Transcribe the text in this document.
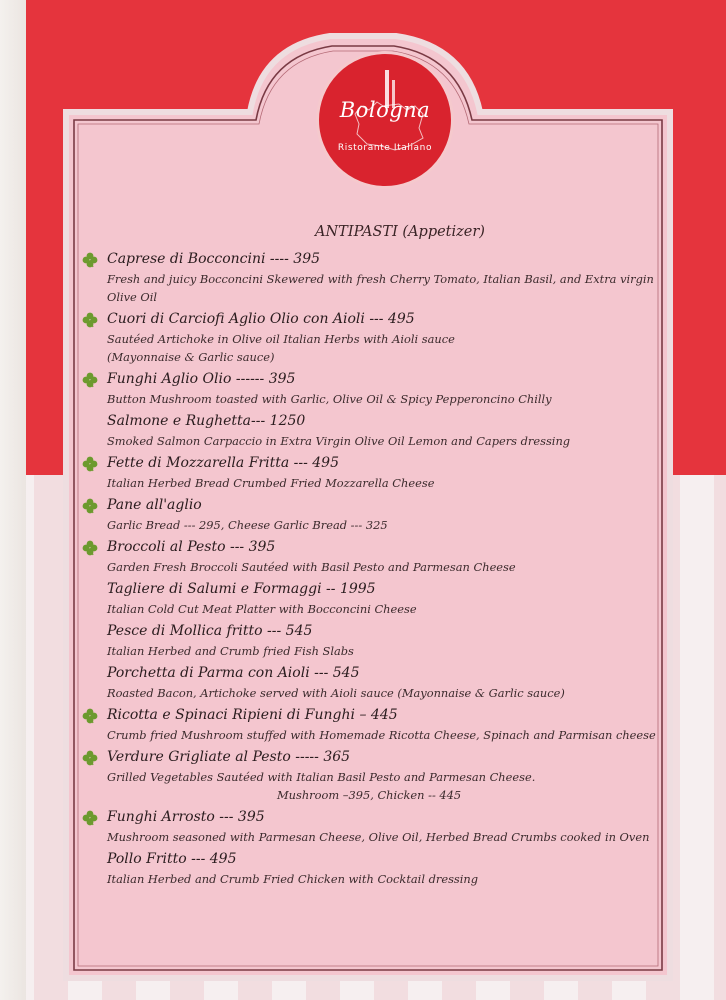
Bologna
Ristorante Italiano
ANTIPASTI (Appetizer)
Caprese di Bocconcini ---- 395
Fresh and juicy Bocconcini Skewered with fresh Cherry Tomato, Italian Basil, and Extra virgin
Olive Oil
Cuori di Carciofi Aglio Olio con Aioli --- 495
Sautéed Artichoke in Olive oil Italian Herbs with Aioli sauce
(Mayonnaise & Garlic sauce)
Funghi Aglio Olio ------ 395
Button Mushroom toasted with Garlic, Olive Oil & Spicy Pepperoncino Chilly
Salmone e Rughetta--- 1250
Smoked Salmon Carpaccio in Extra Virgin Olive Oil Lemon and Capers dressing
Fette di Mozzarella Fritta --- 495
Italian Herbed Bread Crumbed Fried Mozzarella Cheese
Pane all'aglio
Garlic Bread --- 295, Cheese Garlic Bread --- 325
Broccoli al Pesto --- 395
Garden Fresh Broccoli Sautéed with Basil Pesto and Parmesan Cheese
Tagliere di Salumi e Formaggi -- 1995
Italian Cold Cut Meat Platter with Bocconcini Cheese
Pesce di Mollica fritto --- 545
Italian Herbed and Crumb fried Fish Slabs
Porchetta di Parma con Aioli --- 545
Roasted Bacon, Artichoke served with Aioli sauce (Mayonnaise & Garlic sauce)
Ricotta e Spinaci Ripieni di Funghi – 445
Crumb fried Mushroom stuffed with Homemade Ricotta Cheese, Spinach and Parmisan cheese
Verdure Grigliate al Pesto ----- 365
Grilled Vegetables Sautéed with Italian Basil Pesto and Parmesan Cheese.
Mushroom –395, Chicken -- 445
Funghi Arrosto --- 395
Mushroom seasoned with Parmesan Cheese, Olive Oil, Herbed Bread Crumbs cooked in Oven
Pollo Fritto --- 495
Italian Herbed and Crumb Fried Chicken with Cocktail dressing
